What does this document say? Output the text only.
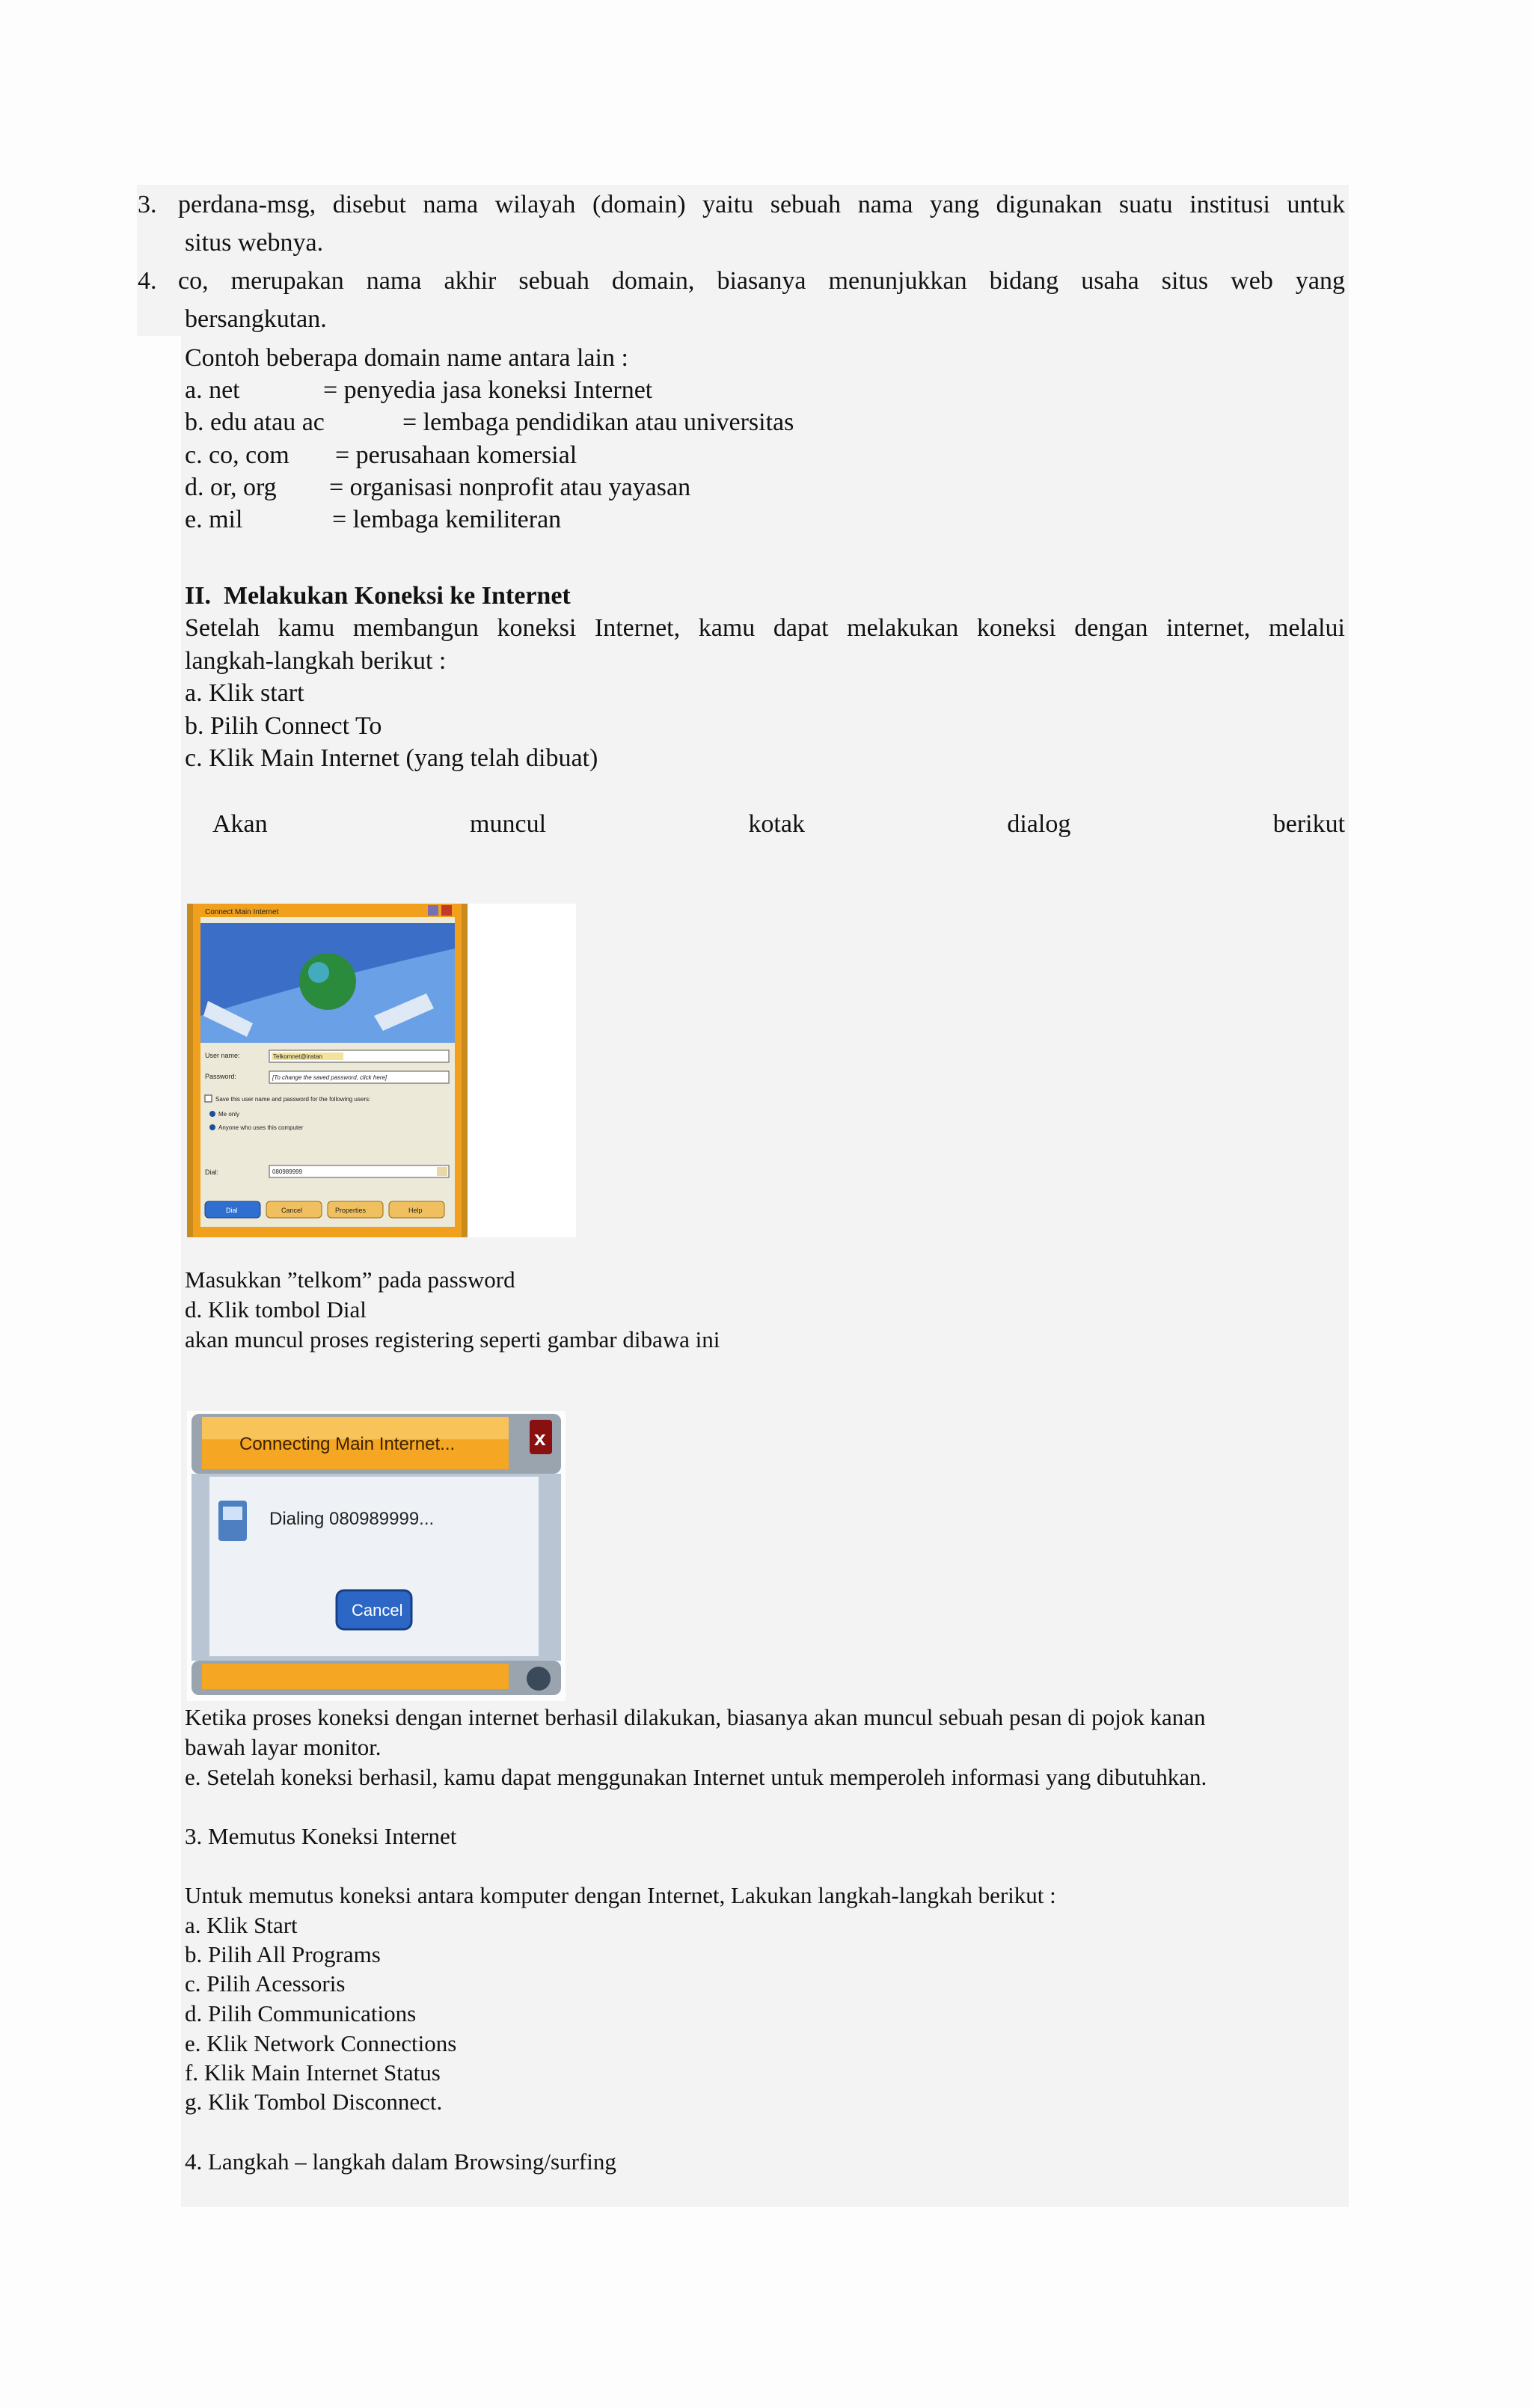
3. perdana-msg, disebut nama wilayah (domain) yaitu sebuah nama yang digunakan suatu institusi untuk

situs webnya.

4. co, merupakan nama akhir sebuah domain, biasanya menunjukkan bidang usaha situs web yang

bersangkutan.

Contoh beberapa domain name antara lain :

a. net	= penyedia jasa koneksi Internet

b. edu atau ac	= lembaga pendidikan atau universitas

c. co, com = perusahaan komersial

d. or, org = organisasi nonprofit atau yayasan

e. mil	= lembaga kemiliteran

II.  Melakukan Koneksi ke Internet

Setelah kamu membangun koneksi Internet, kamu dapat melakukan koneksi dengan internet, melalui

langkah-langkah berikut :

a. Klik start

b. Pilih Connect To

c. Klik Main Internet (yang telah dibuat)

Akan	muncul	kotak	dialog	berikut

Connect Main Internet
User name:	Telkomnet@instan
Password:	[To change the saved password, click here]
Save this user name and password for the following users:
Me only
Anyone who uses this computer
Dial:	080989999
Dial	Cancel	Properties	Help

Masukkan ”telkom” pada password

d. Klik tombol Dial

akan muncul proses registering seperti gambar dibawa ini

Connecting Main Internet...	x
Dialing 080989999...
Cancel

Ketika proses koneksi dengan internet berhasil dilakukan, biasanya akan muncul sebuah pesan di pojok kanan

bawah layar monitor.

e. Setelah koneksi berhasil, kamu dapat menggunakan Internet untuk memperoleh informasi yang dibutuhkan.

3. Memutus Koneksi Internet

Untuk memutus koneksi antara komputer dengan Internet, Lakukan langkah-langkah berikut :

a. Klik Start

b. Pilih All Programs

c. Pilih Acessoris

d. Pilih Communications

e. Klik Network Connections

f. Klik Main Internet Status

g. Klik Tombol Disconnect.

4. Langkah – langkah dalam Browsing/surfing
